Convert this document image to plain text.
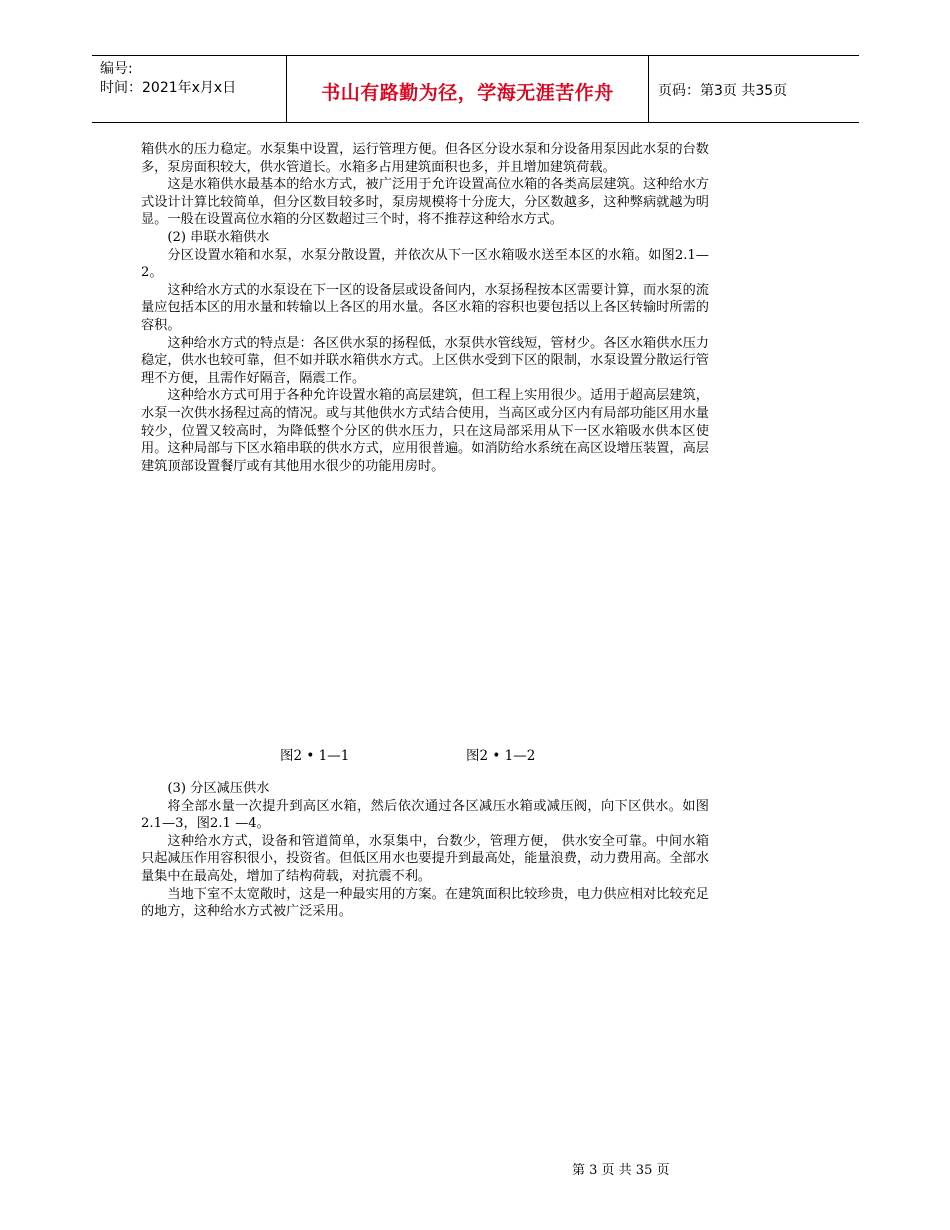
编号:
时间：2021年x月x日	书山有路勤为径，学海无涯苦作舟	页码：第3页 共35页

箱供水的压力稳定。水泵集中设置，运行管理方便。但各区分设水泵和分设备用泵因此水泵的台数多，泵房面积较大，供水管道长。水箱多占用建筑面积也多，并且增加建筑荷载。

这是水箱供水最基本的给水方式，被广泛用于允许设置高位水箱的各类高层建筑。这种给水方式设计计算比较简单，但分区数目较多时，泵房规模将十分庞大，分区数越多，这种弊病就越为明显。一般在设置高位水箱的分区数超过三个时，将不推荐这种给水方式。

(2) 串联水箱供水

分区设置水箱和水泵，水泵分散设置，并依次从下一区水箱吸水送至本区的水箱。如图2.1—2。

这种给水方式的水泵设在下一区的设备层或设备间内，水泵扬程按本区需要计算，而水泵的流量应包括本区的用水量和转输以上各区的用水量。各区水箱的容积也要包括以上各区转输时所需的容积。

这种给水方式的特点是：各区供水泵的扬程低，水泵供水管线短，管材少。各区水箱供水压力稳定，供水也较可靠，但不如并联水箱供水方式。上区供水受到下区的限制，水泵设置分散运行管理不方便，且需作好隔音，隔震工作。

这种给水方式可用于各种允许设置水箱的高层建筑，但工程上实用很少。适用于超高层建筑，水泵一次供水扬程过高的情况。或与其他供水方式结合使用，当高区或分区内有局部功能区用水量较少，位置又较高时，为降低整个分区的供水压力，只在这局部采用从下一区水箱吸水供本区使用。这种局部与下区水箱串联的供水方式，应用很普遍。如消防给水系统在高区设增压装置，高层建筑顶部设置餐厅或有其他用水很少的功能用房时。

图2 • 1—1	图2 • 1—2

(3) 分区减压供水

将全部水量一次提升到高区水箱，然后依次通过各区减压水箱或减压阀，向下区供水。如图2.1—3，图2.1 —4。

这种给水方式，设备和管道简单，水泵集中，台数少，管理方便， 供水安全可靠。中间水箱只起减压作用容积很小，投资省。但低区用水也要提升到最高处，能量浪费，动力费用高。全部水量集中在最高处，增加了结构荷载，对抗震不利。

当地下室不太宽敞时，这是一种最实用的方案。在建筑面积比较珍贵，电力供应相对比较充足的地方，这种给水方式被广泛采用。

第 3 页 共 35 页
